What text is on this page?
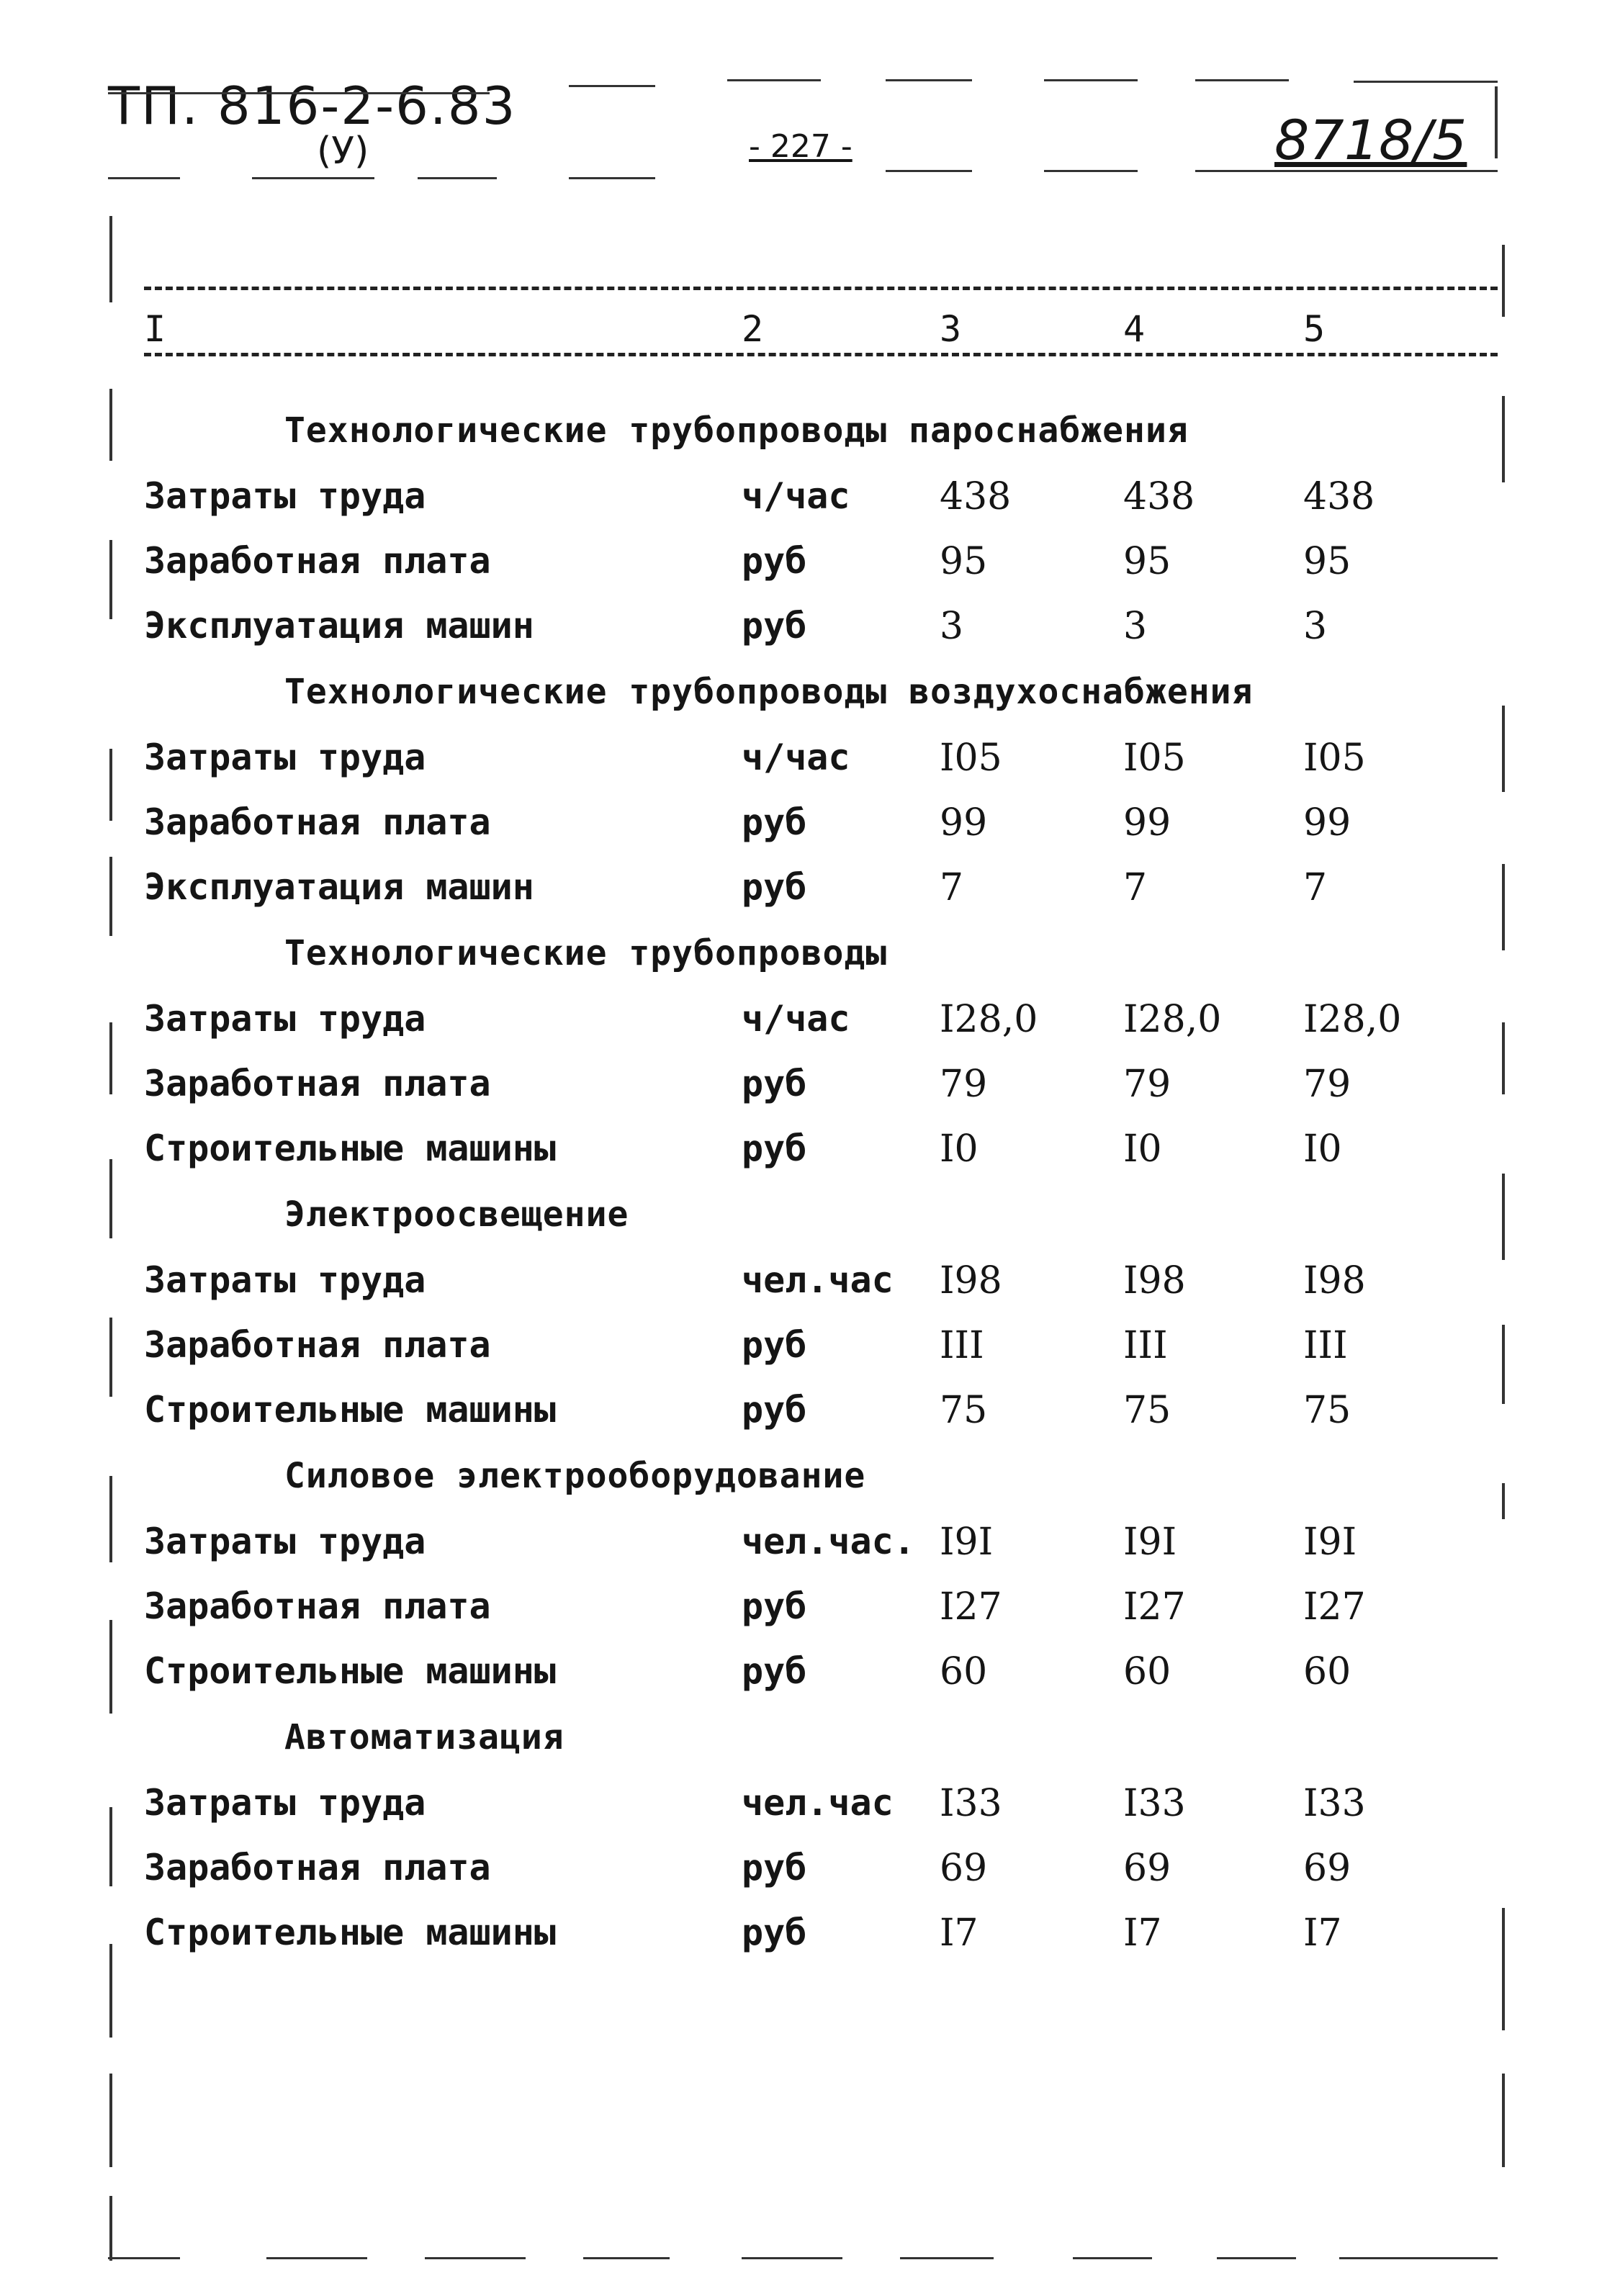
ТП. 816-2-6.83
(У)	- 227 -	8718/5
I	2	3	4	5
Технологические трубопроводы пароснабжения
Затраты труда	ч/час 438	438	438
Заработная плата	руб	95	95	95
Эксплуатация машин	руб	3	3	3
Технологические трубопроводы воздухоснабжения
Затраты труда	ч/час I05	I05	I05
Заработная плата	руб	99	99	99
Эксплуатация машин	руб	7	7	7
Технологические трубопроводы
Затраты труда	ч/час I28,0 I28,0 I28,0
Заработная плата	руб	79	79	79
Строительные машины	руб	I0	I0	I0
Электроосвещение
Затраты труда	чел.час I98	I98	I98
Заработная плата	руб	III	III	III
Строительные машины	руб	75	75	75
Силовое электрооборудование
Затраты труда	чел.час. I9I	I9I	I9I
Заработная плата	руб	I27	I27	I27
Строительные машины	руб	60	60	60
Автоматизация
Затраты труда	чел.час I33	I33	I33
Заработная плата	руб	69	69	69
Строительные машины	руб	I7	I7	I7
